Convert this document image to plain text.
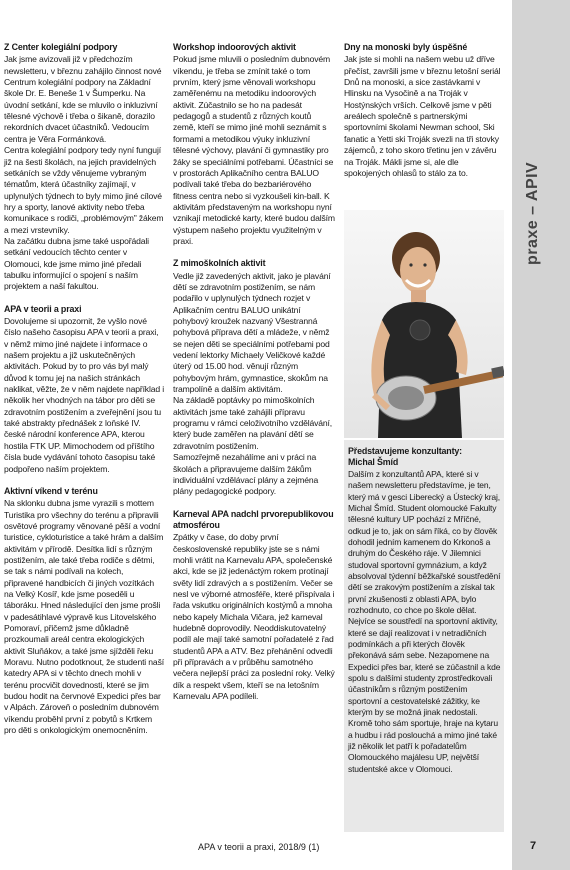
praxe – APIV
Z Center kolegiální podpory

Jak jsme avizovali již v předchozím newsletteru, v březnu zahájilo činnost nové Centrum kolegiální podpory na Základní škole Dr. E. Beneše 1 v Šumperku. Na úvodní setkání, kde se mluvilo o inkluzivní tělesné výchově i třeba o šikaně, dorazilo rekordních dvacet účastníků. Vedoucím centra je Věra Formánková.

Centra kolegiální podpory tedy nyní fungují již na šesti školách, na jejich pravidelných setkáních se vždy věnujeme vybraným tématům, která účastníky zajímají, v uplynulých týdnech to byly mimo jiné cílové hry a sporty, lanové aktivity nebo třeba komunikace s rodiči, „problémovým" žákem a mezi vrstevníky.

Na začátku dubna jsme také uspořádali setkání vedoucích těchto center v Olomouci, kde jsme mimo jiné předali tabulku informující o spojení s naším projektem a naší fakultou.

APA v teorii a praxi

Dovolujeme si upozornit, že vyšlo nové číslo našeho časopisu APA v teorii a praxi, v němž mimo jiné najdete i informace o našem projektu a již uskutečněných aktivitách. Pokud by to pro vás byl malý důvod k tomu jej na našich stránkách naklikat, věžte, že v něm najdete například i několik her vhodných na tábor pro děti se zdravotním postižením a zveřejnění jsou tu také abstrakty přednášek z loňské IV. české národní konference APA, kterou hostila FTK UP. Mimochodem od příštího čísla bude vydávání tohoto časopisu také podpořeno naším projektem.

Aktivní víkend v terénu

Na sklonku dubna jsme vyrazili s mottem Turistika pro všechny do terénu a připravili osvětové programy věnované pěší a vodní turistice, cykloturistice a také hrám a dalším aktivitám v přírodě. Desítka lidí s různým postižením, ale také třeba rodiče s dětmi, se tak s námi podívali na kolech, připravené handbicích či jiných vozítkách na Velký Kosíř, kde jsme poseděli u táboráku. Hned následující den jsme prošli v padesátihlavé výpravě kus Litovelského Pomoraví, přičemž jsme důkladně prozkoumali areál centra ekologických aktivit Sluňákov, a také jsme sjížděli řeku Moravu. Nutno podotknout, že studenti naší katedry APA si v těchto dnech mohli v terénu procvičit dovednosti, které se jim budou hodit na červnové Expedici přes bar v Alpách. Zároveň o posledním dubnovém víkendu proběhl první z pobytů s Krtkem pro děti s onkologickým onemocněním.

Workshop indoorových aktivit

Pokud jsme mluvili o posledním dubnovém víkendu, je třeba se zmínit také o tom prvním, který jsme věnovali workshopu zaměřenému na metodiku indoorových aktivit. Zúčastnilo se ho na padesát pedagogů a studentů z různých koutů země, kteří se mimo jiné mohli seznámit s formami a metodikou výuky inkluzivní tělesné výchovy, plavání či gymnastiky pro žáky se speciálními potřebami. Účastníci se v prostorách Aplikačního centra BALUO podívali také třeba do bezbariérového fitness centra nebo si vyzkoušeli kin-ball. K aktivitám představeným na workshopu nyní vznikají metodické karty, které budou dalším výstupem našeho projektu využitelným v praxi.

Z mimoškolních aktivit

Vedle již zavedených aktivit, jako je plavání dětí se zdravotním postižením, se nám podařilo v uplynulých týdnech rozjet v Aplikačním centru BALUO unikátní pohybový kroužek nazvaný Všestranná pohybová příprava dětí a mládeže, v němž se nejen děti se speciálními potřebami pod vedení lektorky Michaely Veličkové každé úterý od 15.00 hod. věnují různým pohybovým hrám, gymnastice, skokům na trampolíně a dalším aktivitám.

Na základě poptávky po mimoškolních aktivitách jsme také zahájili přípravu programu v rámci celoživotního vzdělávání, který bude zaměřen na plavání dětí se zdravotním postižením.

Samozřejmě nezahálíme ani v práci na školách a připravujeme dalším žákům individuální vzdělávací plány a zejména plány pedagogické podpory.

Karneval APA nadchl prvorepublikovou atmosférou

Zpátky v čase, do doby první československé republiky jste se s námi mohli vrátit na Karnevalu APA, společenské akci, kde se již jedenáctým rokem protínají světy lidí zdravých a s postižením. Večer se nesl ve výborné atmosféře, které přispívala i řada vskutku originálních kostýmů a mnoha nebo kapely Michala Vičara, jež karneval hudebně doprovodily. Neoddiskutovatelný podíl ale mají také samotní pořadatelé z řad studentů APA a ATV. Bez přehánění odvedli při přípravách a v průběhu samotného večera nejlepší práci za poslední roky. Velký dík a respekt všem, kteří se na letošním Karnevalu APA podíleli.

Dny na monoski byly úspěšné

Jak jste si mohli na našem webu už dříve přečíst, završili jsme v březnu letošní seriál Dnů na monoski, a sice zastávkami v Hlinsku na Vysočině a na Troják v Hostýnských vrších. Celkově jsme v pěti areálech společně s partnerskými sportovními školami Newman school, Ski fanatic a Yetti ski Troják svezli na tři stovky zájemců, z toho skoro třetinu jen v závěru na Troják. Mákli jsme si, ale dle spokojených ohlasů to stálo za to.

Představujeme konzultanty:
Michal Šmíd

Dalším z konzultantů APA, které si v našem newsletteru představíme, je ten, který má v gesci Liberecký a Ústecký kraj, Michal Šmíd. Student olomoucké Fakulty tělesné kultury UP pochází z Mříčné, odkud je to, jak on sám říká, co by člověk dohodil jedním kamenem do Krkonoš a druhým do Českého ráje. V Jilemnici studoval sportovní gymnázium, a když absolvoval týdenní běžkařské soustředění dětí se zrakovým postižením a získal tak první zkušenosti z oblasti APA, bylo rozhodnuto, co chce po škole dělat. Nejvíce se soustředí na sportovní aktivity, které se dají realizovat i v netradičních podmínkách a při kterých člověk překonává sám sebe. Nezapomene na Expedici přes bar, které se zúčastnil a kde spolu s dalšími studenty zprostředkovali účastníkům s různým postižením sportovní a cestovatelské zážitky, ke kterým by se možná jinak nedostali. Kromě toho sám sportuje, hraje na kytaru a hudbu i rád poslouchá a mimo jiné také již několik let patří k pořadatelům Olomouckého majálesu UP, největší studentské akce v Olomouci.

APA v teorii a praxi, 2018/9 (1)	7
